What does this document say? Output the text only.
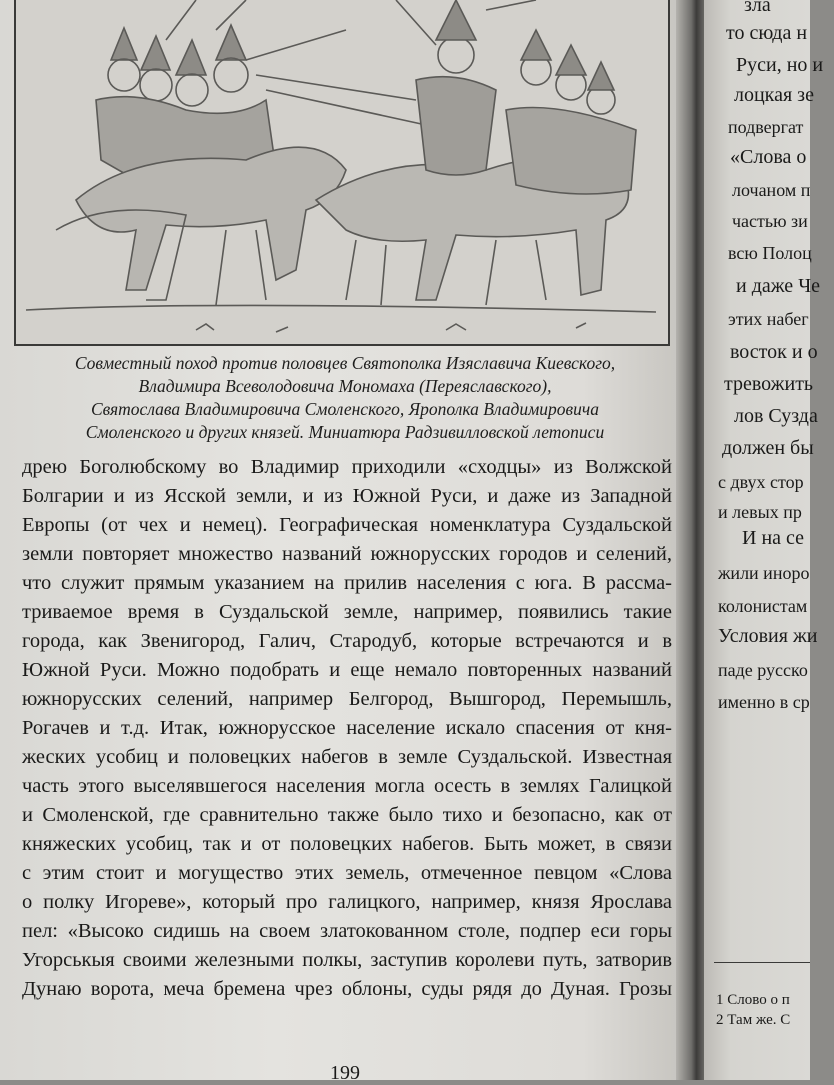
Совместный поход против половцев Святополка Изяславича Киевского,
Владимира Всеволодовича Мономаха (Переяславского),
Святослава Владимировича Смоленского, Ярополка Владимировича
Смоленского и других князей. Миниатюра Радзивилловской летописи
дрею Боголюбскому во Владимир приходили «сходцы» из Волжской
Болгарии и из Ясской земли, и из Южной Руси, и даже из Западной
Европы (от чех и немец). Географическая номенклатура Суздальской
земли повторяет множество названий южнорусских городов и селений,
что служит прямым указанием на прилив населения с юга. В рассма-
триваемое время в Суздальской земле, например, появились такие
города, как Звенигород, Галич, Стародуб, которые встречаются и в
Южной Руси. Можно подобрать и еще немало повторенных названий
южнорусских селений, например Белгород, Вышгород, Перемышль,
Рогачев и т.д. Итак, южнорусское население искало спасения от кня-
жеских усобиц и половецких набегов в земле Суздальской. Известная
часть этого выселявшегося населения могла осесть в землях Галицкой
и Смоленской, где сравнительно также было тихо и безопасно, как от
княжеских усобиц, так и от половецких набегов. Быть может, в связи
с этим стоит и могущество этих земель, отмеченное певцом «Слова
о полку Игореве», который про галицкого, например, князя Ярослава
пел: «Высоко сидишь на своем златокованном столе, подпер еси горы
Угорськыя своими железными полкы, заступив королеви путь, затворив
Дунаю ворота, меча бремена чрез облоны, суды рядя до Дуная. Грозы
199
зла
то сюда н
Руси, но и
лоцкая зе
подвергат
«Слова о
лочаном п
частью зи
всю Полоц
и даже Че
этих набег
восток и о
тревожить
лов Сузда
должен бы
с двух стор
и левых пр
И на се
жили иноро
колонистам
Условия жи
паде русско
именно в ср
1 Слово о п
2 Там же. С
